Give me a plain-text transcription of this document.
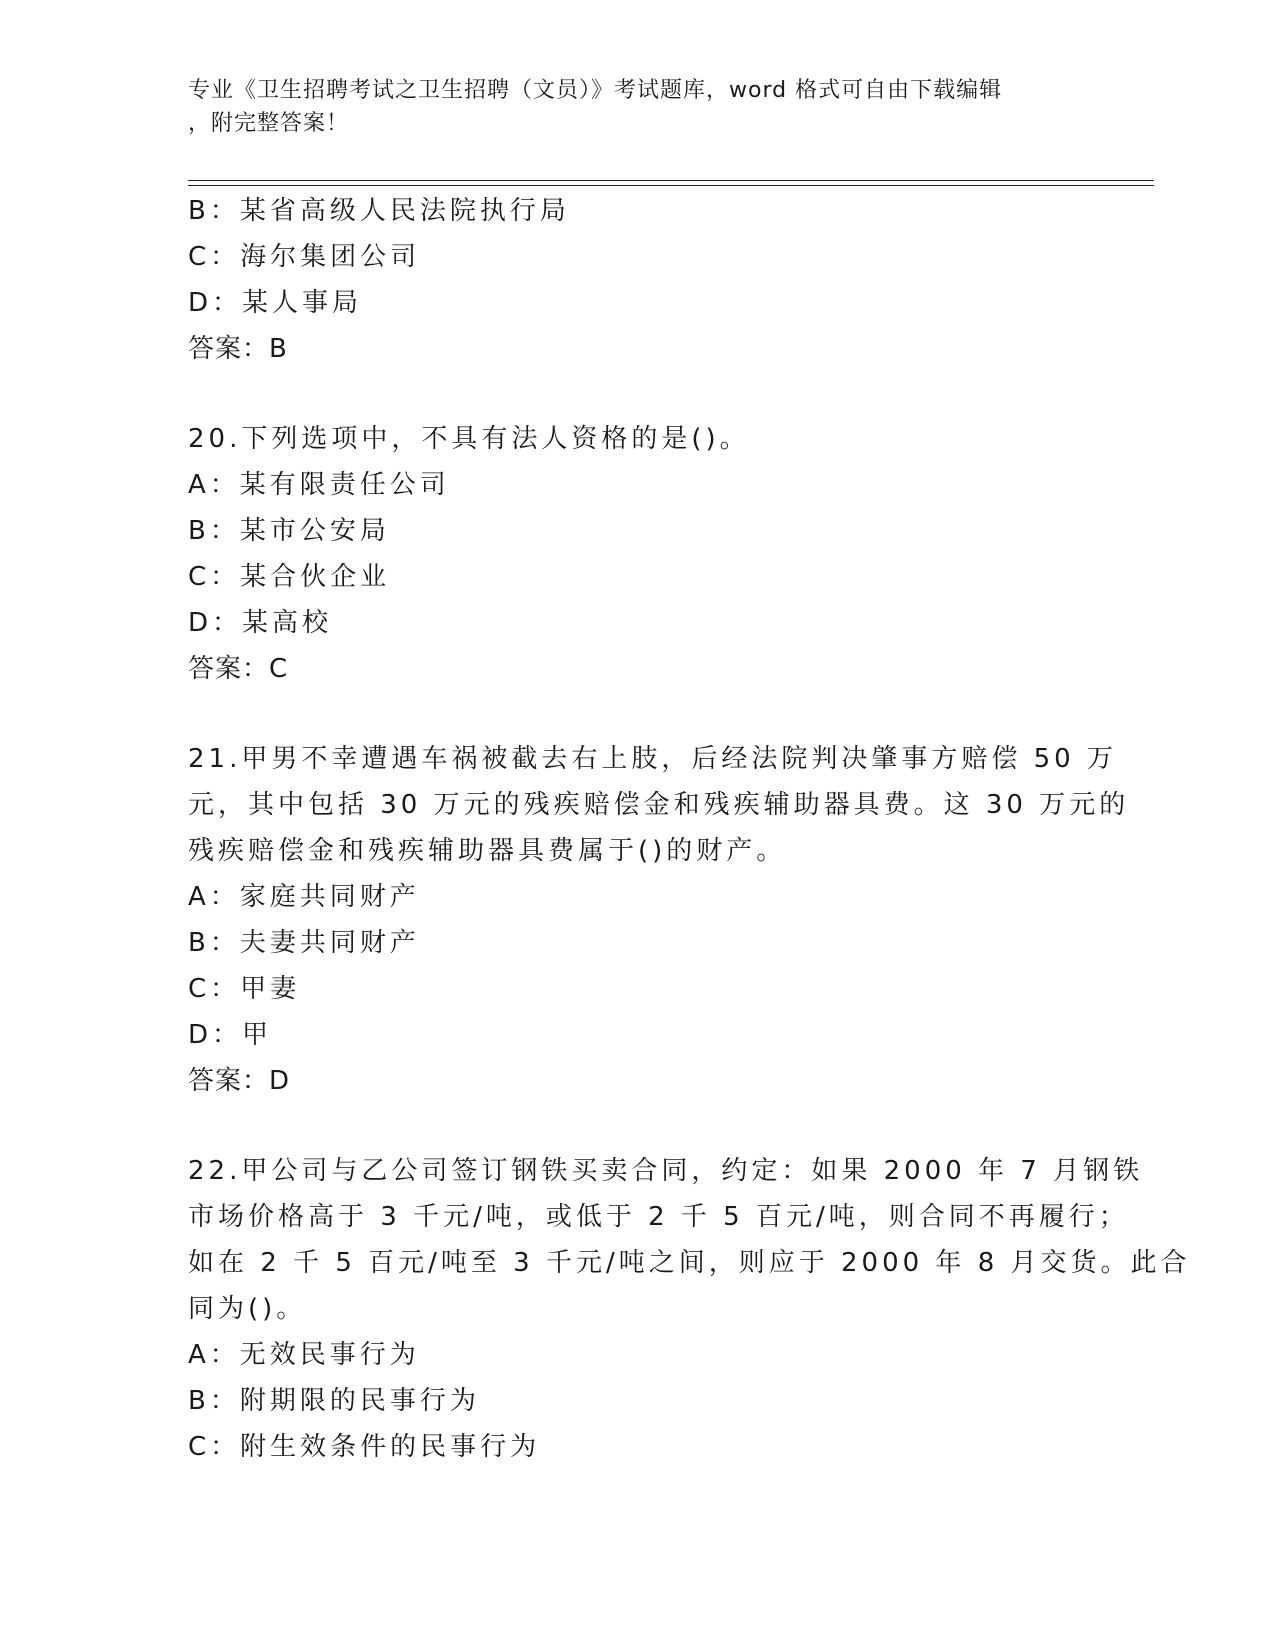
专业《卫生招聘考试之卫生招聘（文员）》考试题库，word 格式可自由下载编辑
，附完整答案！
B：某省高级人民法院执行局
C：海尔集团公司
D：某人事局
答案：B
20.下列选项中，不具有法人资格的是()。
A：某有限责任公司
B：某市公安局
C：某合伙企业
D：某高校
答案：C
21.甲男不幸遭遇车祸被截去右上肢，后经法院判决肇事方赔偿 50 万
元，其中包括 30 万元的残疾赔偿金和残疾辅助器具费。这 30 万元的
残疾赔偿金和残疾辅助器具费属于()的财产。
A：家庭共同财产
B：夫妻共同财产
C：甲妻
D：甲
答案：D
22.甲公司与乙公司签订钢铁买卖合同，约定：如果 2000 年 7 月钢铁
市场价格高于 3 千元/吨，或低于 2 千 5 百元/吨，则合同不再履行；
如在 2 千 5 百元/吨至 3 千元/吨之间，则应于 2000 年 8 月交货。此合
同为()。
A：无效民事行为
B：附期限的民事行为
C：附生效条件的民事行为
